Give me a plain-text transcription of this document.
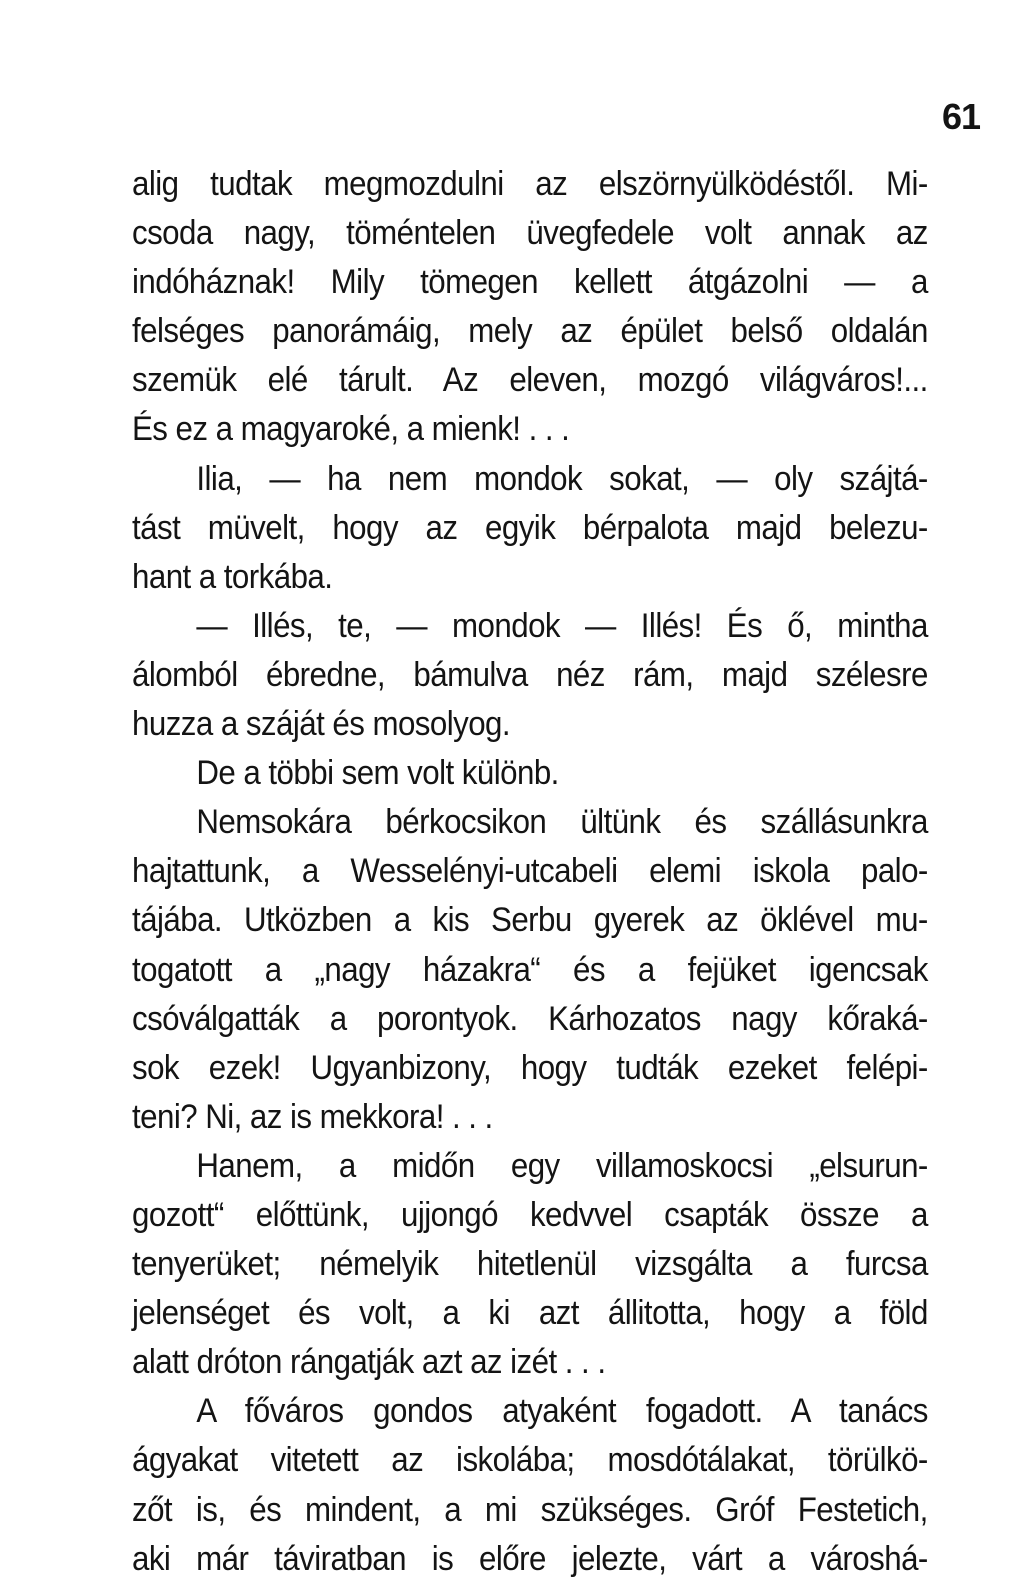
61
alig tudtak megmozdulni az elszörnyülködéstől. Mi-
csoda nagy, töméntelen üvegfedele volt annak az
indóháznak! Mily tömegen kellett átgázolni — a
felséges panorámáig, mely az épület belső oldalán
szemük elé tárult. Az eleven, mozgó világváros!...
És ez a magyaroké, a mienk! . . .
Ilia, — ha nem mondok sokat, — oly szájtá-
tást müvelt, hogy az egyik bérpalota majd belezu-
hant a torkába.
— Illés, te, — mondok — Illés! És ő, mintha
álomból ébredne, bámulva néz rám, majd szélesre
huzza a száját és mosolyog.
De a többi sem volt különb.
Nemsokára bérkocsikon ültünk és szállásunkra
hajtattunk, a Wesselényi-utcabeli elemi iskola palo-
tájába. Utközben a kis Serbu gyerek az öklével mu-
togatott a „nagy házakra“ és a fejüket igencsak
csóválgatták a porontyok. Kárhozatos nagy kőraká-
sok ezek! Ugyanbizony, hogy tudták ezeket felépi-
teni? Ni, az is mekkora! . . .
Hanem, a midőn egy villamoskocsi „elsurun-
gozott“ előttünk, ujjongó kedvvel csapták össze a
tenyerüket; némelyik hitetlenül vizsgálta a furcsa
jelenséget és volt, a ki azt állitotta, hogy a föld
alatt dróton rángatják azt az izét . . .
A főváros gondos atyaként fogadott. A tanács
ágyakat vitetett az iskolába; mosdótálakat, törülkö-
zőt is, és mindent, a mi szükséges. Gróf Festetich,
aki már táviratban is előre jelezte, várt a városhá-
